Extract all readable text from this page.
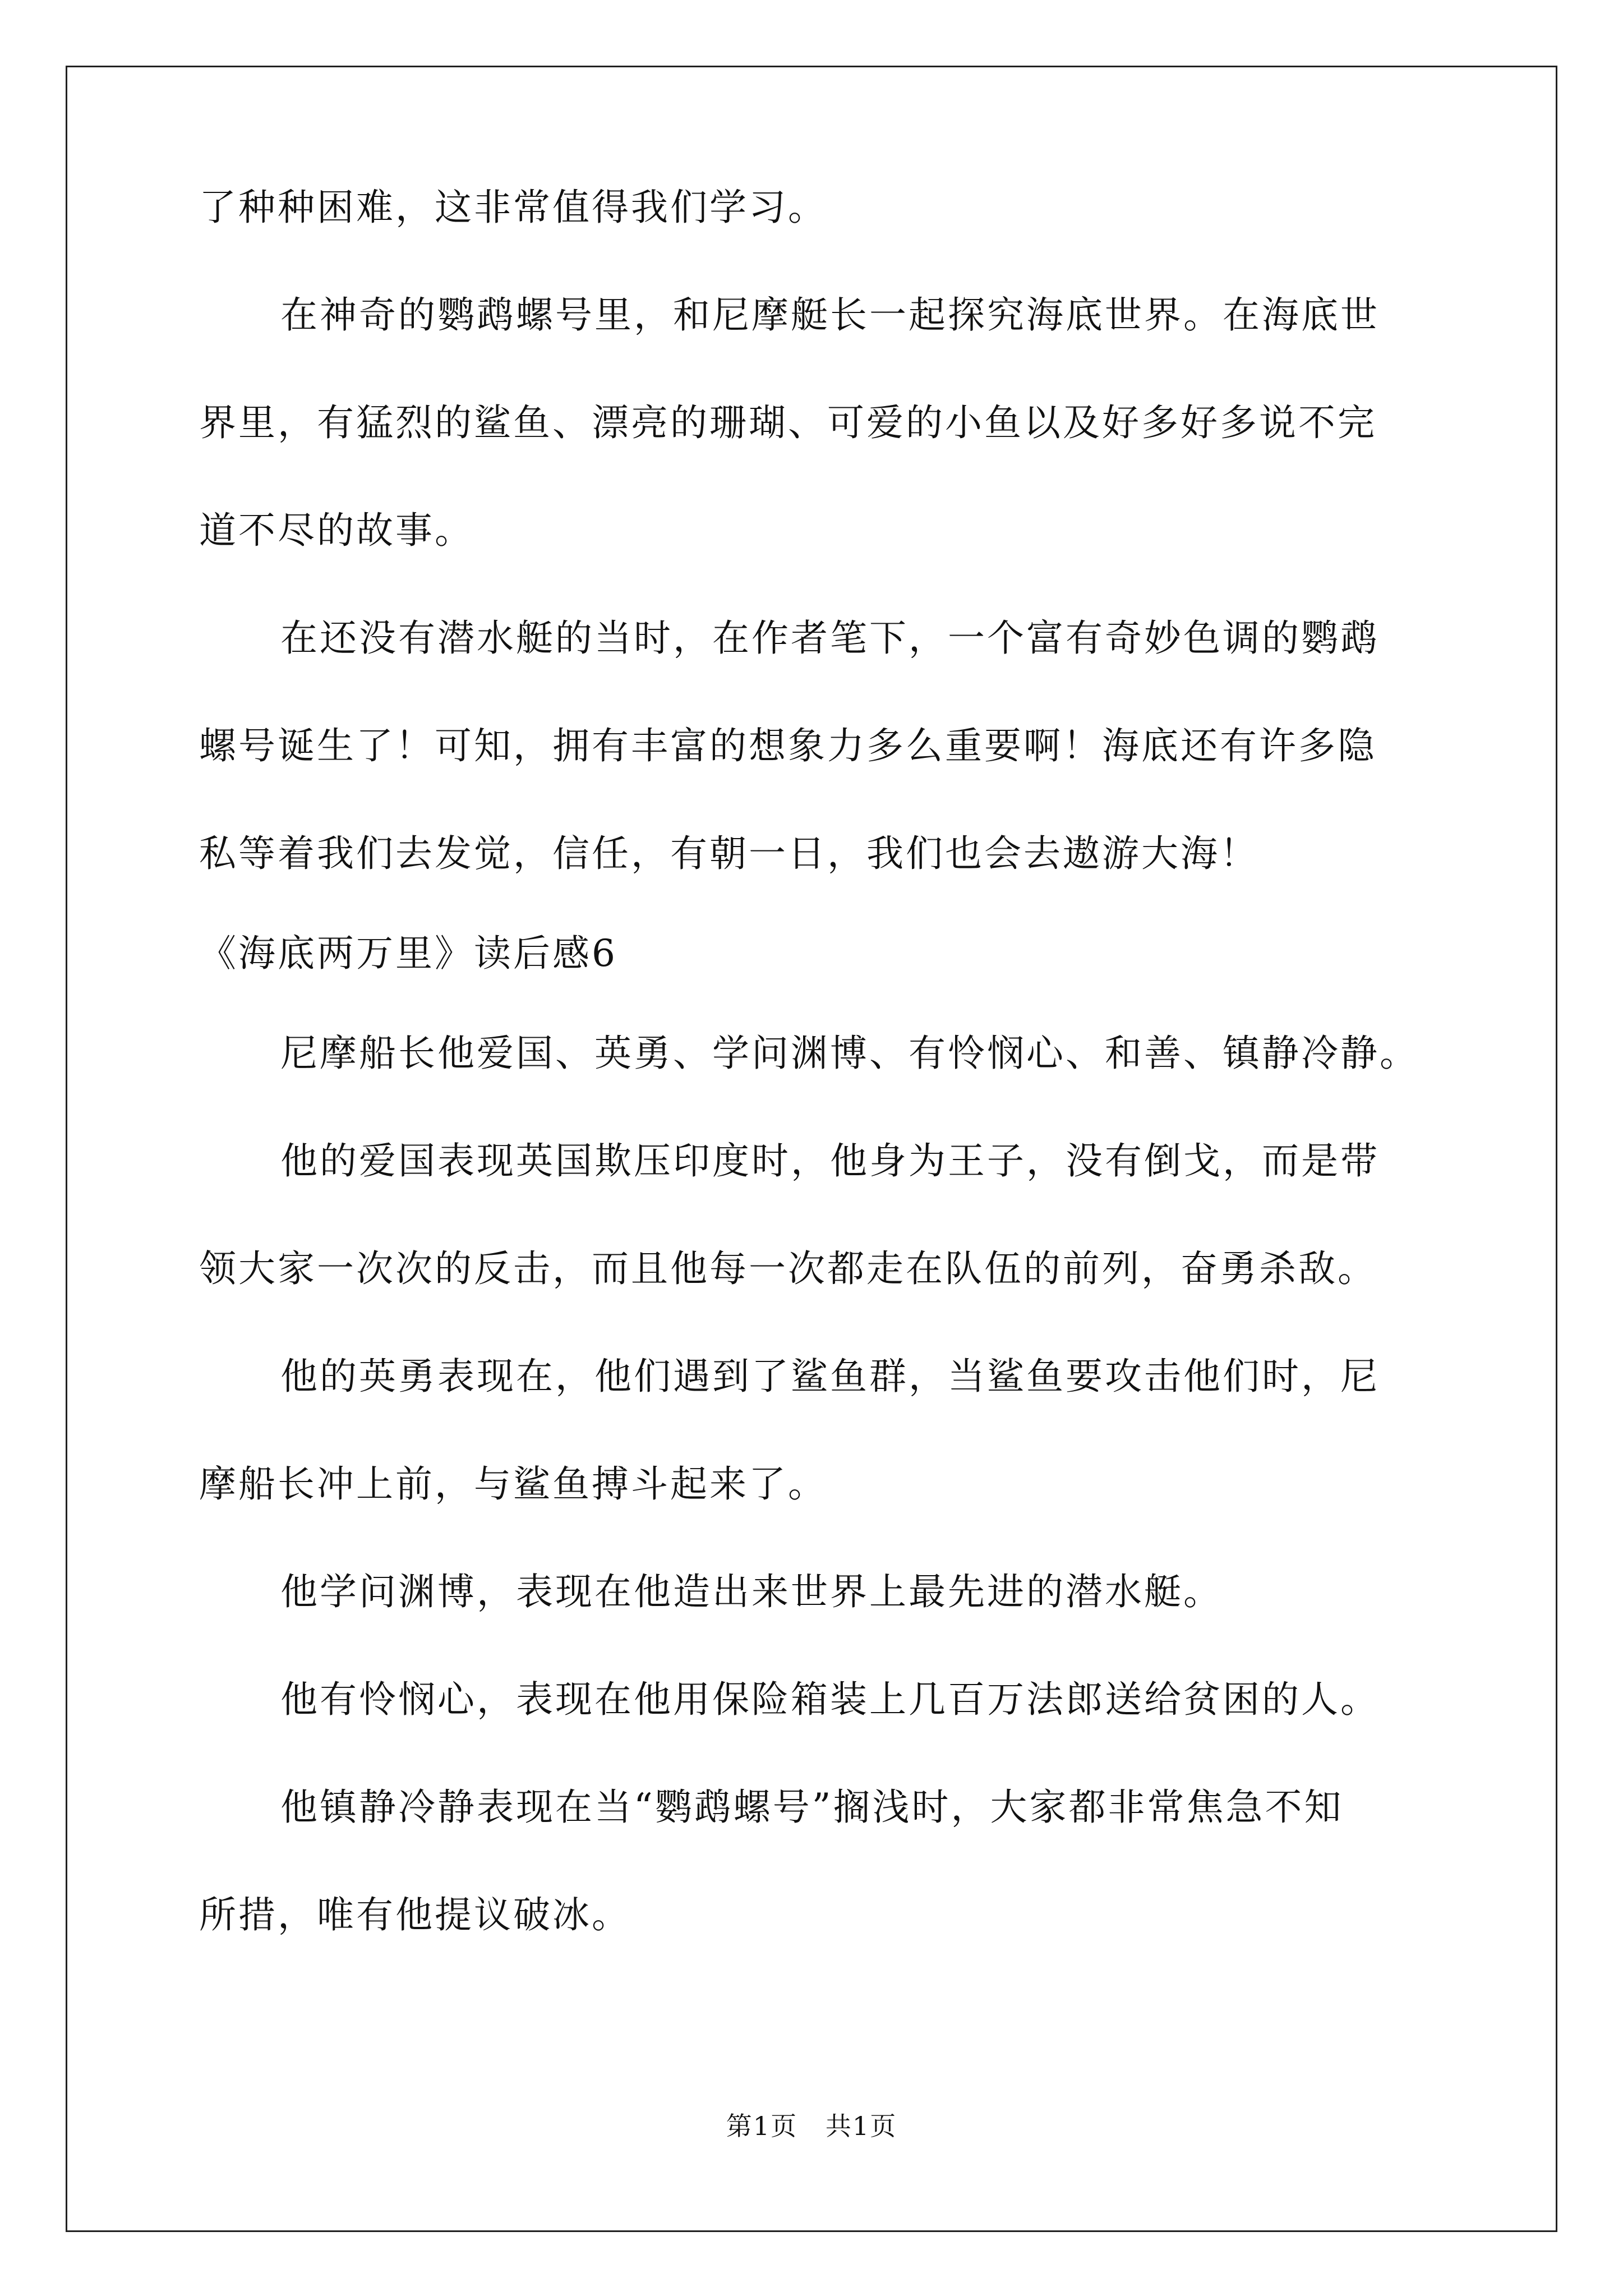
了种种困难，这非常值得我们学习。
在神奇的鹦鹉螺号里，和尼摩艇长一起探究海底世界。在海底世
界里，有猛烈的鲨鱼、漂亮的珊瑚、可爱的小鱼以及好多好多说不完
道不尽的故事。
在还没有潜水艇的当时，在作者笔下，一个富有奇妙色调的鹦鹉
螺号诞生了！可知，拥有丰富的想象力多么重要啊！海底还有许多隐
私等着我们去发觉，信任，有朝一日，我们也会去遨游大海！
《海底两万里》读后感6
尼摩船长他爱国、英勇、学问渊博、有怜悯心、和善、镇静冷静。
他的爱国表现英国欺压印度时，他身为王子，没有倒戈，而是带
领大家一次次的反击，而且他每一次都走在队伍的前列，奋勇杀敌。
他的英勇表现在，他们遇到了鲨鱼群，当鲨鱼要攻击他们时，尼
摩船长冲上前，与鲨鱼搏斗起来了。
他学问渊博，表现在他造出来世界上最先进的潜水艇。
他有怜悯心，表现在他用保险箱装上几百万法郎送给贫困的人。
他镇静冷静表现在当“鹦鹉螺号”搁浅时，大家都非常焦急不知
所措，唯有他提议破冰。
第1页   共1页
